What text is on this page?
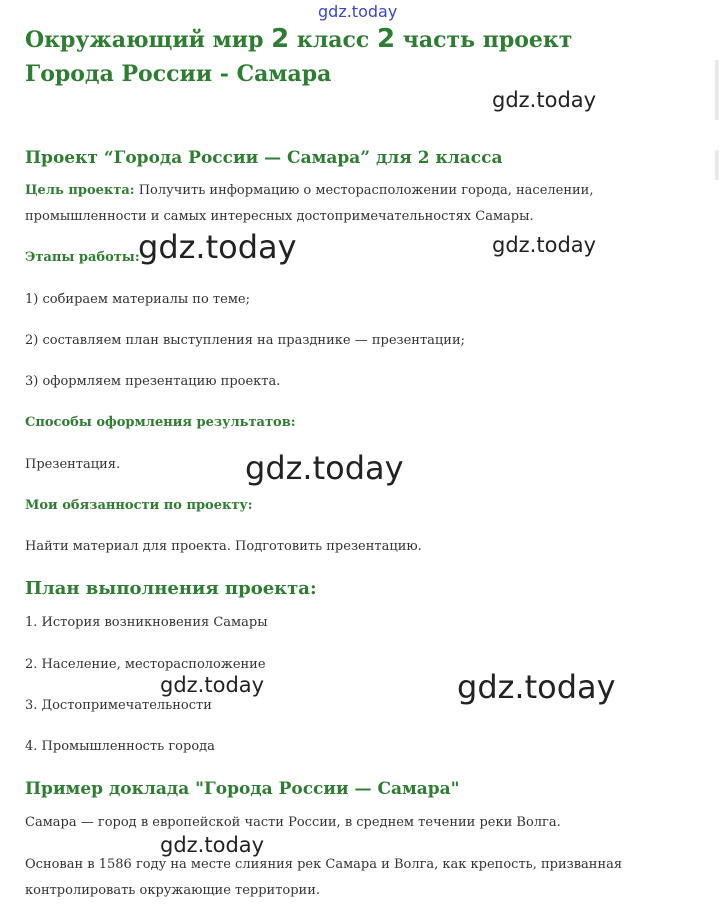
gdz.today
Окружающий мир 2 класс 2 часть проект Города России - Самара
gdz.today
Проект “Города России — Самара” для 2 класса

Цель проекта: Получить информацию о месторасположении города, населении,
промышленности и самых интересных достопримечательностях Самары.

Этапы работы:

gdz.today	gdz.today

1) собираем материалы по теме;

2) составляем план выступления на празднике — презентации;

3) оформляем презентацию проекта.

Способы оформления результатов:

Презентация.	gdz.today

Мои обязанности по проекту:

Найти материал для проекта. Подготовить презентацию.

План выполнения проекта:

1. История возникновения Самары

2. Население, месторасположение

gdz.today	gdz.today

3. Достопримечательности

4. Промышленность города

Пример доклада "Города России — Самара"

Самара — город в европейской части России, в среднем течении реки Волга.

gdz.today

Основан в 1586 году на месте слияния рек Самара и Волга, как крепость, призванная
контролировать окружающие территории.
